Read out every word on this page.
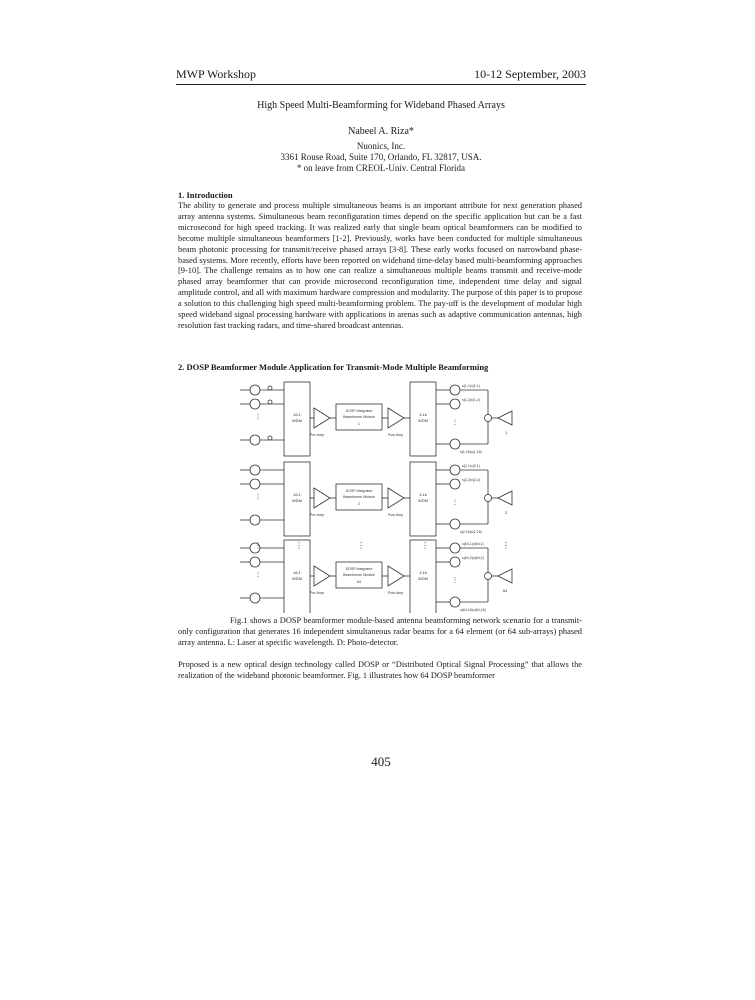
MWP Workshop	10-12 September, 2003
High Speed Multi-Beamforming for Wideband Phased Arrays
Nabeel A. Riza*
Nuonics, Inc.
3361 Rouse Road, Suite 170, Orlando, FL 32817, USA.
* on leave from CREOL-Univ. Central Florida
1. Introduction
The ability to generate and process multiple simultaneous beams is an important attribute for next generation phased array antenna systems. Simultaneous beam reconfiguration times depend on the specific application but can be a fast microsecond for high speed tracking. It was realized early that single beam optical beamformers can be modified to become multiple simultaneous beamformers [1-2]. Previously, works have been conducted for multiple simultaneous beam photonic processing for transmit/receive phased arrays [3-8]. These early works focused on narrowband phase-based systems. More recently, efforts have been reported on wideband time-delay based multi-beamforming approaches [9-10]. The challenge remains as to how one can realize a simultaneous multiple beams transmit and receive-mode phased array beamformer that can provide microsecond reconfiguration time, independent time delay and signal amplitude control, and all with maximum hardware compression and modularity. The purpose of this paper is to propose a solution to this challenging high speed multi-beamforming problem. The pay-off is the development of modular high speed wideband signal processing hardware with applications in arenas such as adaptive communication antennas, high resolution fast tracking radars, and time-shared broadcast antennas.
2. DOSP Beamformer Module Application for Transmit-Mode Multiple Beamforming
16:1
WDM
⋮
Pre-Amp
DOSP Integrated
Beamformer Module
1
Pow-Amp
1:16
WDM	⋮
s(1,1)x(1,1)
s(1,2)x(1,2)
s(1,16)x(1,16)
1
16:1
WDM
⋮
Pre-Amp
DOSP Integrated
Beamformer Module
2
Pow-Amp
1:16
WDM	⋮
s(2,1)x(2,1)
s(2,2)x(2,2)
s(2,16)x(2,16)
2
⋮	⋮	⋮	⋮	⋮
16:1
WDM
⋮
Pre-Amp
DOSP Integrated
Beamformer Module
64
Pow-Amp
1:16
WDM	⋮
s(64,1)x(64,1)
s(64,2)x(64,2)
s(64,16)x(64,16)
64
Fig.1 shows a DOSP beamformer module-based antenna beamforming network scenario for a transmit-only configuration that generates 16 independent simultaneous radar beams for a 64 element (or 64 sub-arrays) phased array antenna. L: Laser at specific wavelength. D: Photo-detector.
Proposed is a new optical design technology called DOSP or “Distributed Optical Signal Processing” that allows the realization of the wideband photonic beamformer. Fig. 1 illustrates how 64 DOSP beamformer
405
